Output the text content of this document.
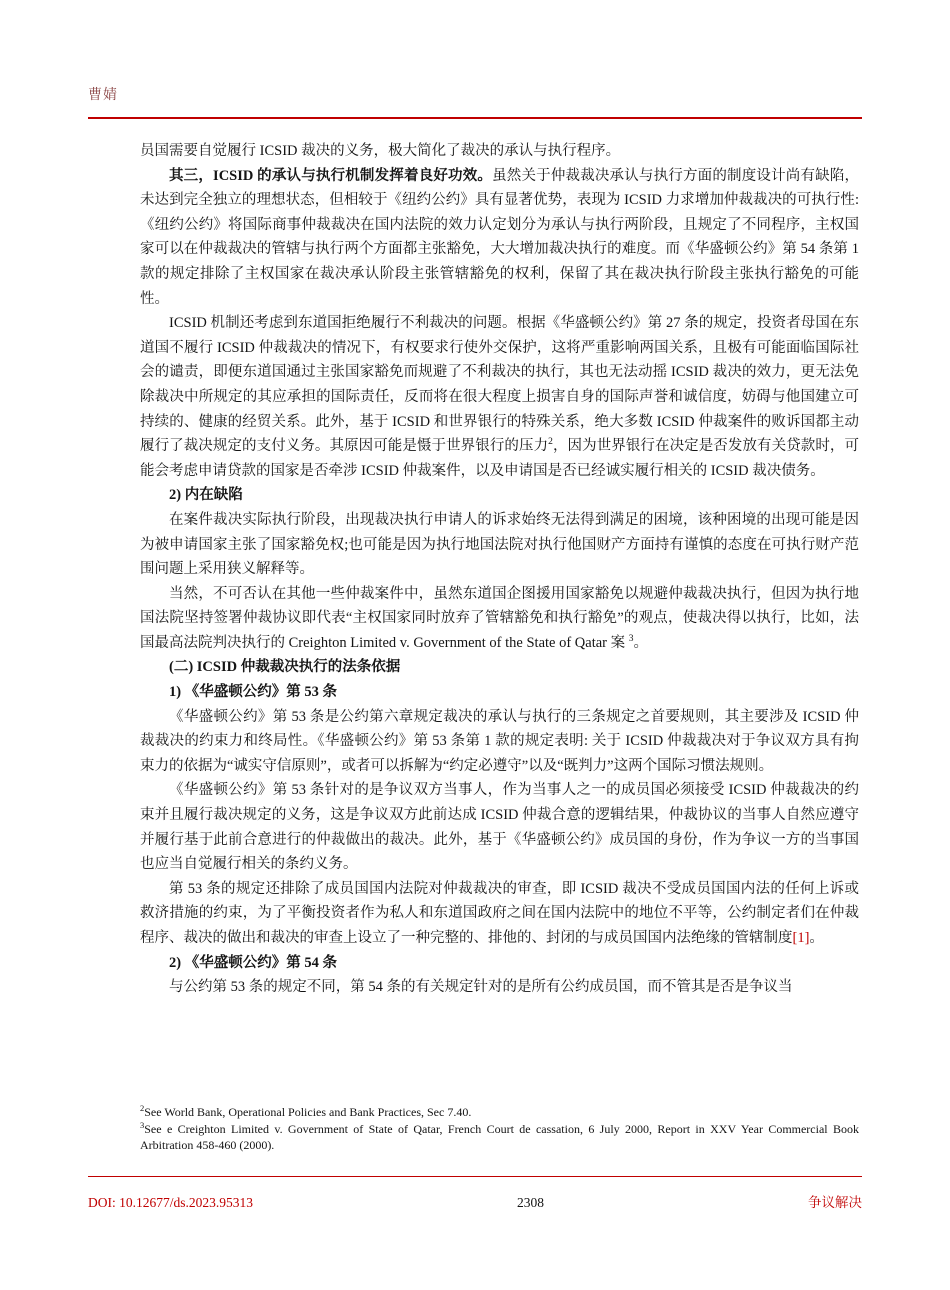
曹婧

员国需要自觉履行 ICSID 裁决的义务，极大简化了裁决的承认与执行程序。

其三，ICSID 的承认与执行机制发挥着良好功效。虽然关于仲裁裁决承认与执行方面的制度设计尚有缺陷，未达到完全独立的理想状态，但相较于《纽约公约》具有显著优势，表现为 ICSID 力求增加仲裁裁决的可执行性:《纽约公约》将国际商事仲裁裁决在国内法院的效力认定划分为承认与执行两阶段，且规定了不同程序，主权国家可以在仲裁裁决的管辖与执行两个方面都主张豁免，大大增加裁决执行的难度。而《华盛顿公约》第 54 条第 1 款的规定排除了主权国家在裁决承认阶段主张管辖豁免的权利，保留了其在裁决执行阶段主张执行豁免的可能性。

ICSID 机制还考虑到东道国拒绝履行不利裁决的问题。根据《华盛顿公约》第 27 条的规定，投资者母国在东道国不履行 ICSID 仲裁裁决的情况下，有权要求行使外交保护，这将严重影响两国关系，且极有可能面临国际社会的谴责，即便东道国通过主张国家豁免而规避了不利裁决的执行，其也无法动摇 ICSID 裁决的效力，更无法免除裁决中所规定的其应承担的国际责任，反而将在很大程度上损害自身的国际声誉和诚信度，妨碍与他国建立可持续的、健康的经贸关系。此外，基于 ICSID 和世界银行的特殊关系，绝大多数 ICSID 仲裁案件的败诉国都主动履行了裁决规定的支付义务。其原因可能是慑于世界银行的压力$^2$，因为世界银行在决定是否发放有关贷款时，可能会考虑申请贷款的国家是否牵涉 ICSID 仲裁案件，以及申请国是否已经诚实履行相关的 ICSID 裁决债务。

2) 内在缺陷

在案件裁决实际执行阶段，出现裁决执行申请人的诉求始终无法得到满足的困境，该种困境的出现可能是因为被申请国家主张了国家豁免权;也可能是因为执行地国法院对执行他国财产方面持有谨慎的态度在可执行财产范围问题上采用狭义解释等。

当然，不可否认在其他一些仲裁案件中，虽然东道国企图援用国家豁免以规避仲裁裁决执行，但因为执行地国法院坚持签署仲裁协议即代表“主权国家同时放弃了管辖豁免和执行豁免”的观点，使裁决得以执行，比如，法国最高法院判决执行的 Creighton Limited v. Government of the State of Qatar 案 $^3$。

(二) ICSID 仲裁裁决执行的法条依据
1) 《华盛顿公约》第 53 条

《华盛顿公约》第 53 条是公约第六章规定裁决的承认与执行的三条规定之首要规则，其主要涉及 ICSID 仲裁裁决的约束力和终局性。《华盛顿公约》第 53 条第 1 款的规定表明: 关于 ICSID 仲裁裁决对于争议双方具有拘束力的依据为“诚实守信原则”，或者可以拆解为“约定必遵守”以及“既判力”这两个国际习惯法规则。

《华盛顿公约》第 53 条针对的是争议双方当事人，作为当事人之一的成员国必须接受 ICSID 仲裁裁决的约束并且履行裁决规定的义务，这是争议双方此前达成 ICSID 仲裁合意的逻辑结果，仲裁协议的当事人自然应遵守并履行基于此前合意进行的仲裁做出的裁决。此外，基于《华盛顿公约》成员国的身份，作为争议一方的当事国也应当自觉履行相关的条约义务。

第 53 条的规定还排除了成员国国内法院对仲裁裁决的审查，即 ICSID 裁决不受成员国国内法的任何上诉或救济措施的约束，为了平衡投资者作为私人和东道国政府之间在国内法院中的地位不平等，公约制定者们在仲裁程序、裁决的做出和裁决的审查上设立了一种完整的、排他的、封闭的与成员国国内法绝缘的管辖制度[1]。

2) 《华盛顿公约》第 54 条

与公约第 53 条的规定不同，第 54 条的有关规定针对的是所有公约成员国，而不管其是否是争议当

$^2$See World Bank, Operational Policies and Bank Practices, Sec 7.40.
$^3$See e Creighton Limited v. Government of State of Qatar, French Court de cassation, 6 July 2000, Report in XXV Year Commercial Book Arbitration 458-460 (2000).
DOI: 10.12677/ds.2023.95313	2308	争议解决
